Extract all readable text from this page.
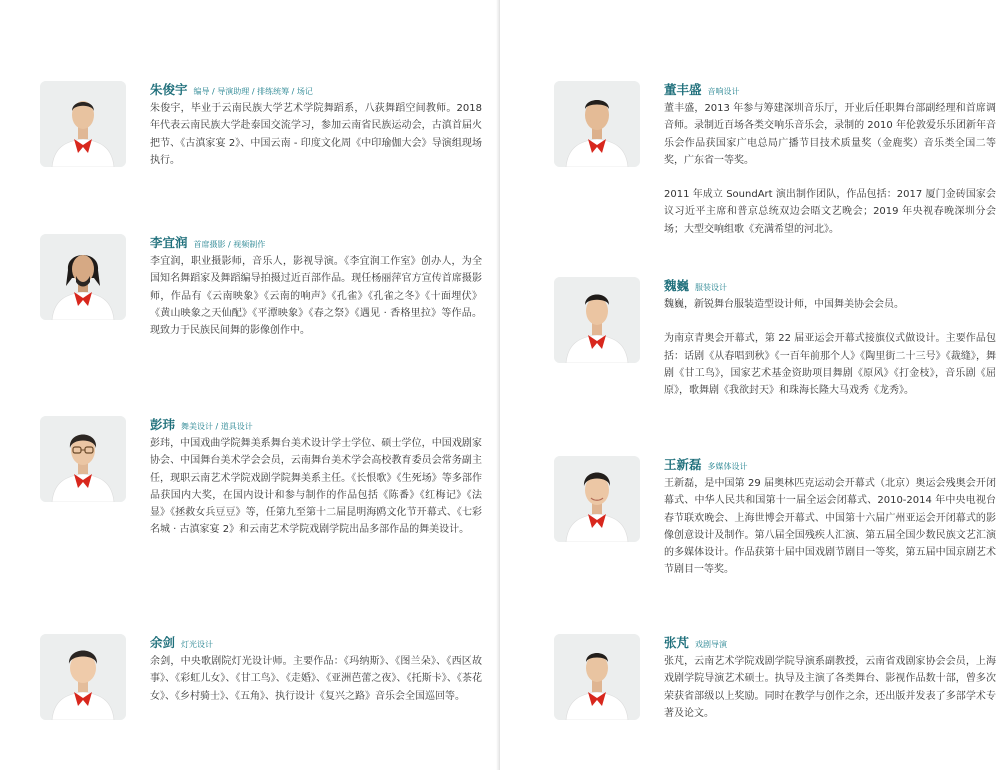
朱俊宇 编导 / 导演助理 / 排练统筹 / 场记

朱俊宇，毕业于云南民族大学艺术学院舞蹈系，八荻舞蹈空间教师。2018 年代表云南民族大学赴泰国交流学习，参加云南省民族运动会，古滇首届火把节、《古滇家宴 2》、中国云南 - 印度文化周《中印瑜伽大会》导演组现场执行。

李宜润 首席摄影 / 视频制作

李宜润，职业摄影师，音乐人，影视导演。《李宜润工作室》创办人，为全国知名舞蹈家及舞蹈编导拍摄过近百部作品。现任杨丽萍官方宣传首席摄影师，作品有《云南映象》《云南的响声》《孔雀》《孔雀之冬》《十面埋伏》《黄山映象之天仙配》《平潭映象》《春之祭》《遇见 · 香格里拉》等作品。现致力于民族民间舞的影像创作中。

彭玮 舞美设计 / 道具设计

彭玮，中国戏曲学院舞美系舞台美术设计学士学位、硕士学位，中国戏剧家协会、中国舞台美术学会会员，云南舞台美术学会高校教育委员会常务副主任，现职云南艺术学院戏剧学院舞美系主任。《长恨歌》《生死场》等多部作品获国内大奖，在国内设计和参与制作的作品包括《陈番》《红梅记》《法显》《拯救女兵豆豆》等，任第九至第十二届昆明海鸥文化节开幕式、《七彩名城 · 古滇家宴 2》和云南艺术学院戏剧学院出品多部作品的舞美设计。

余剑 灯光设计

余剑，中央歌剧院灯光设计师。主要作品：《玛纳斯》、《图兰朵》、《西区故事》、《彩虹儿女》、《甘工鸟》、《走婚》、《亚洲芭蕾之夜》、《托斯卡》、《茶花女》、《乡村骑士》、《五角》、执行设计《复兴之路》音乐会全国巡回等。

董丰盛 音响设计

董丰盛，2013 年参与筹建深圳音乐厅，开业后任职舞台部副经理和首席调音师。录制近百场各类交响乐音乐会，录制的 2010 年伦敦爱乐乐团新年音乐会作品获国家广电总局广播节目技术质量奖（金鹿奖）音乐类全国二等奖，广东省一等奖。

2011 年成立 SoundArt 演出制作团队，作品包括：2017 厦门金砖国家会议习近平主席和普京总统双边会晤文艺晚会；2019 年央视春晚深圳分会场；大型交响组歌《充满希望的河北》。

魏巍 服装设计

魏巍，新锐舞台服装造型设计师，中国舞美协会会员。

为南京青奥会开幕式，第 22 届亚运会开幕式接旗仪式做设计。主要作品包括：话剧《从春唱到秋》《一百年前那个人》《陶里街二十三号》《裁缝》，舞剧《甘工鸟》，国家艺术基金资助项目舞剧《原风》《打金枝》，音乐剧《屈原》，歌舞剧《我欲封天》和珠海长隆大马戏秀《龙秀》。

王新磊 多媒体设计

王新磊，是中国第 29 届奥林匹克运动会开幕式（北京）奥运会残奥会开闭幕式、中华人民共和国第十一届全运会闭幕式、2010-2014 年中央电视台春节联欢晚会、上海世博会开幕式、中国第十六届广州亚运会开闭幕式的影像创意设计及制作。第八届全国残疾人汇演、第五届全国少数民族文艺汇演的多媒体设计。作品获第十届中国戏剧节剧目一等奖，第五届中国京剧艺术节剧目一等奖。

张芃 戏剧导演

张芃，云南艺术学院戏剧学院导演系副教授，云南省戏剧家协会会员，上海戏剧学院导演艺术硕士。执导及主演了各类舞台、影视作品数十部，曾多次荣获省部级以上奖励。同时在教学与创作之余，还出版并发表了多部学术专著及论文。
